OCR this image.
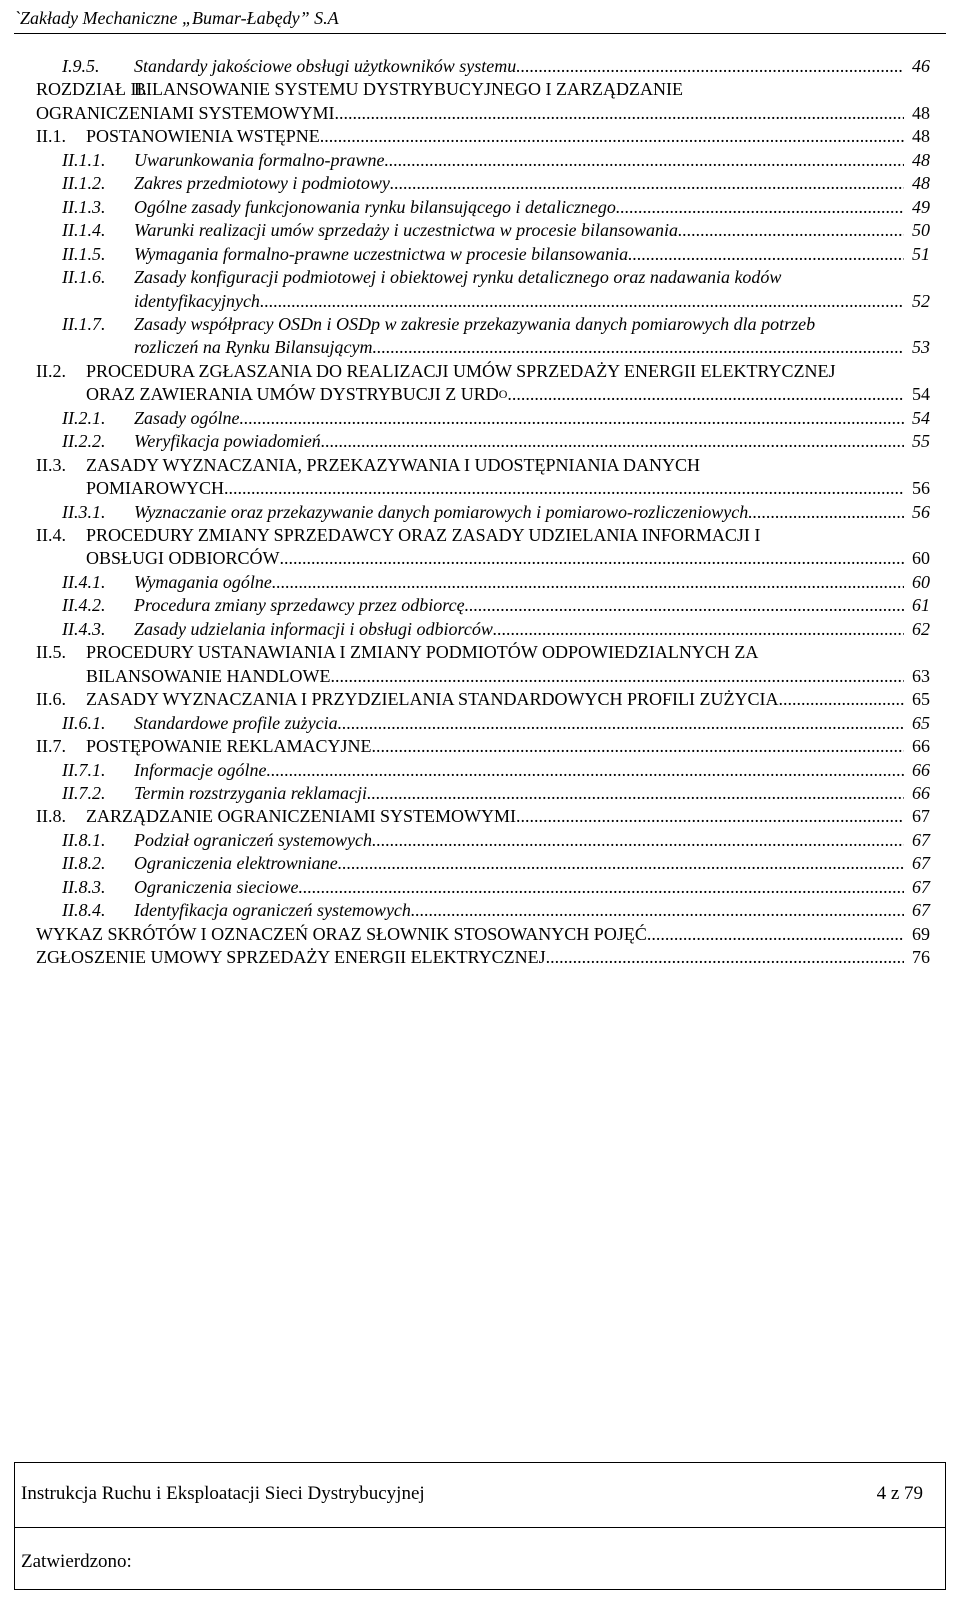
`Zakłady Mechaniczne „Bumar-Łabędy” S.A
I.9.5. Standardy jakościowe obsługi użytkowników systemu .....	46
ROZDZIAŁ II.
BILANSOWANIE SYSTEMU DYSTRYBUCYJNEGO I ZARZĄDZANIE
OGRANICZENIAMI SYSTEMOWYMI .....	48
II.1. POSTANOWIENIA WSTĘPNE .....	48
II.1.1. Uwarunkowania formalno-prawne .....	48
II.1.2. Zakres przedmiotowy i podmiotowy .....	48
II.1.3. Ogólne zasady funkcjonowania rynku bilansującego i detalicznego .....	49
II.1.4. Warunki realizacji umów sprzedaży i uczestnictwa w procesie bilansowania .....	50
II.1.5. Wymagania formalno-prawne uczestnictwa w procesie bilansowania .....	51
II.1.6. Zasady konfiguracji podmiotowej i obiektowej rynku detalicznego oraz nadawania kodów
identyfikacyjnych .....	52
II.1.7. Zasady współpracy OSDn i OSDp w zakresie przekazywania danych pomiarowych dla potrzeb
rozliczeń na Rynku Bilansującym .....	53
II.2. PROCEDURA ZGŁASZANIA DO REALIZACJI UMÓW SPRZEDAŻY ENERGII ELEKTRYCZNEJ
ORAZ ZAWIERANIA UMÓW DYSTRYBUCJI Z URD O .....	54
II.2.1. Zasady ogólne .....	54
II.2.2. Weryfikacja powiadomień .....	55
II.3. ZASADY WYZNACZANIA, PRZEKAZYWANIA I UDOSTĘPNIANIA DANYCH
POMIAROWYCH .....	56
II.3.1. Wyznaczanie oraz przekazywanie danych pomiarowych i pomiarowo-rozliczeniowych .....	56
II.4. PROCEDURY ZMIANY SPRZEDAWCY ORAZ ZASADY UDZIELANIA INFORMACJI I
OBSŁUGI ODBIORCÓW .....	60
II.4.1. Wymagania ogólne .....	60
II.4.2. Procedura zmiany sprzedawcy przez odbiorcę .....	61
II.4.3. Zasady udzielania informacji i obsługi odbiorców .....	62
II.5. PROCEDURY USTANAWIANIA I ZMIANY PODMIOTÓW ODPOWIEDZIALNYCH ZA
BILANSOWANIE HANDLOWE .....	63
II.6. ZASADY WYZNACZANIA I PRZYDZIELANIA STANDARDOWYCH PROFILI ZUŻYCIA .....	65
II.6.1. Standardowe profile zużycia .....	65
II.7. POSTĘPOWANIE REKLAMACYJNE .....	66
II.7.1. Informacje ogólne .....	66
II.7.2. Termin rozstrzygania reklamacji .....	66
II.8. ZARZĄDZANIE OGRANICZENIAMI SYSTEMOWYMI .....	67
II.8.1. Podział ograniczeń systemowych .....	67
II.8.2. Ograniczenia elektrowniane .....	67
II.8.3. Ograniczenia sieciowe .....	67
II.8.4. Identyfikacja ograniczeń systemowych .....	67
WYKAZ SKRÓTÓW I OZNACZEŃ ORAZ SŁOWNIK STOSOWANYCH POJĘĆ .....	69
ZGŁOSZENIE UMOWY SPRZEDAŻY ENERGII ELEKTRYCZNEJ .....	76
Instrukcja Ruchu i Eksploatacji Sieci Dystrybucyjnej	4 z 79
Zatwierdzono:
